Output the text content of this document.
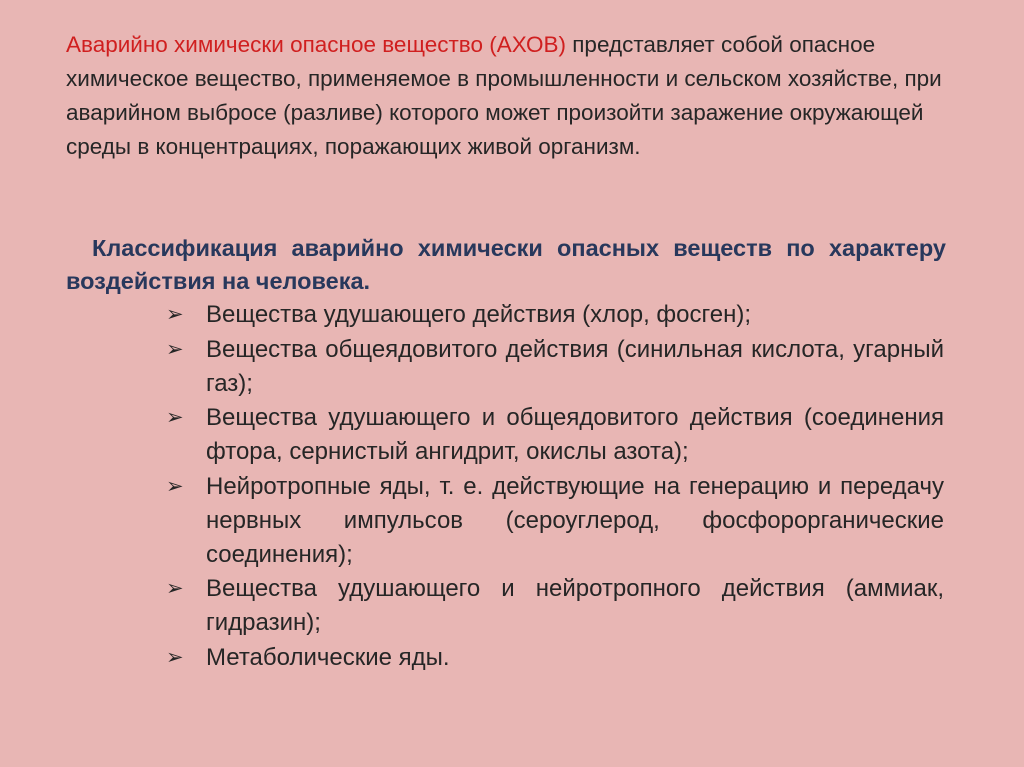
Аварийно химически опасное вещество (АХОВ) представляет собой опасное химическое вещество, применяемое в промышленности и сельском хозяйстве, при аварийном выбросе (разливе) которого может произойти заражение окружающей среды в концентрациях, поражающих живой организм.

Классификация аварийно химически опасных веществ по характеру воздействия на человека.

➢ Вещества удушающего действия (хлор, фосген);
➢ Вещества общеядовитого действия (синильная кислота, угарный газ);
➢ Вещества удушающего и общеядовитого действия (соединения фтора, сернистый ангидрит, окислы азота);
➢ Нейротропные яды, т. е. действующие на генерацию и передачу нервных импульсов (сероуглерод, фосфорорганические соединения);
➢ Вещества удушающего и нейротропного действия (аммиак, гидразин);
➢ Метаболические яды.
